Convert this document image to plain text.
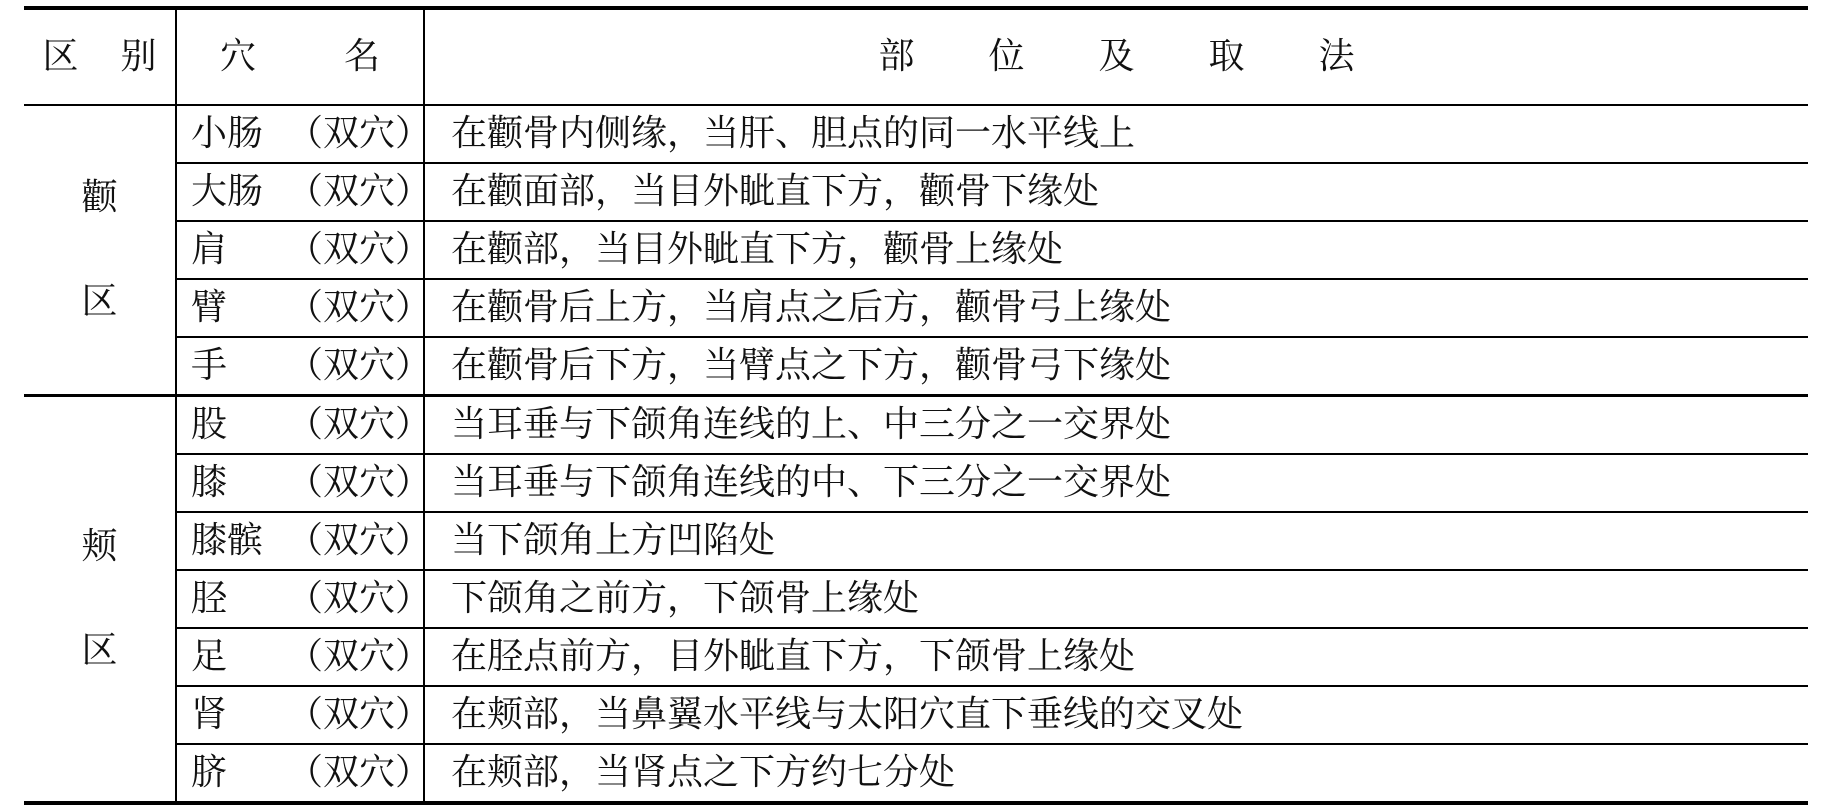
区 别	穴 名	部 位 及 取 法

颧
区	小肠 （双穴）	在颧骨内侧缘，当肝、胆点的同一水平线上
	大肠 （双穴）	在颧面部，当目外眦直下方，颧骨下缘处
	肩 （双穴）	在颧部，当目外眦直下方，颧骨上缘处
	臂 （双穴）	在颧骨后上方，当肩点之后方，颧骨弓上缘处
	手 （双穴）	在颧骨后下方，当臂点之下方，颧骨弓下缘处

颊
区	股 （双穴）	当耳垂与下颌角连线的上、中三分之一交界处
	膝 （双穴）	当耳垂与下颌角连线的中、下三分之一交界处
	膝髌 （双穴）	当下颌角上方凹陷处
	胫 （双穴）	下颌角之前方，下颌骨上缘处
	足 （双穴）	在胫点前方，目外眦直下方，下颌骨上缘处
	肾 （双穴）	在颊部，当鼻翼水平线与太阳穴直下垂线的交叉处
	脐 （双穴）	在颊部，当肾点之下方约七分处
